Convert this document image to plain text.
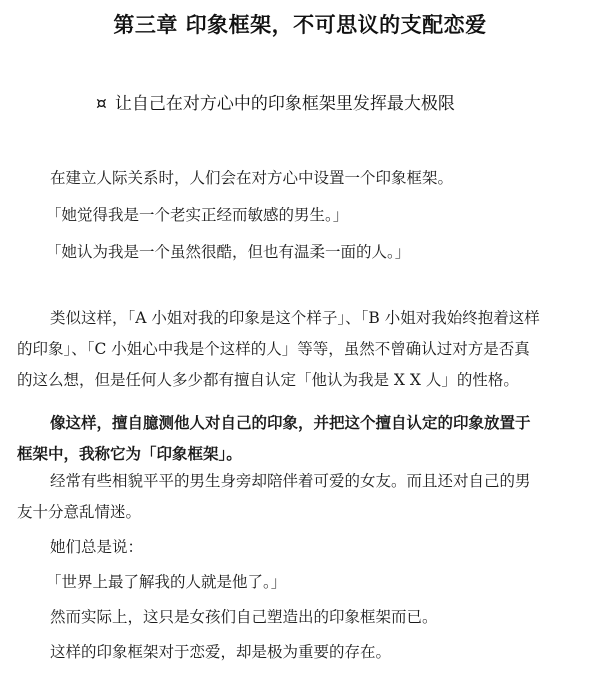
第三章 印象框架，不可思议的支配恋爱
¤ 让自己在对方心中的印象框架里发挥最大极限
在建立人际关系时，人们会在对方心中设置一个印象框架。
「她觉得我是一个老实正经而敏感的男生。」
「她认为我是一个虽然很酷，但也有温柔一面的人。」
类似这样，「A 小姐对我的印象是这个样子」、「B 小姐对我始终抱着这样
的印象」、「C 小姐心中我是个这样的人」等等，虽然不曾确认过对方是否真
的这么想，但是任何人多少都有擅自认定「他认为我是 X X 人」的性格。
像这样，擅自臆测他人对自己的印象，并把这个擅自认定的印象放置于
框架中，我称它为「印象框架」。
经常有些相貌平平的男生身旁却陪伴着可爱的女友。而且还对自己的男
友十分意乱情迷。
她们总是说：
「世界上最了解我的人就是他了。」
然而实际上，这只是女孩们自己塑造出的印象框架而已。
这样的印象框架对于恋爱，却是极为重要的存在。
